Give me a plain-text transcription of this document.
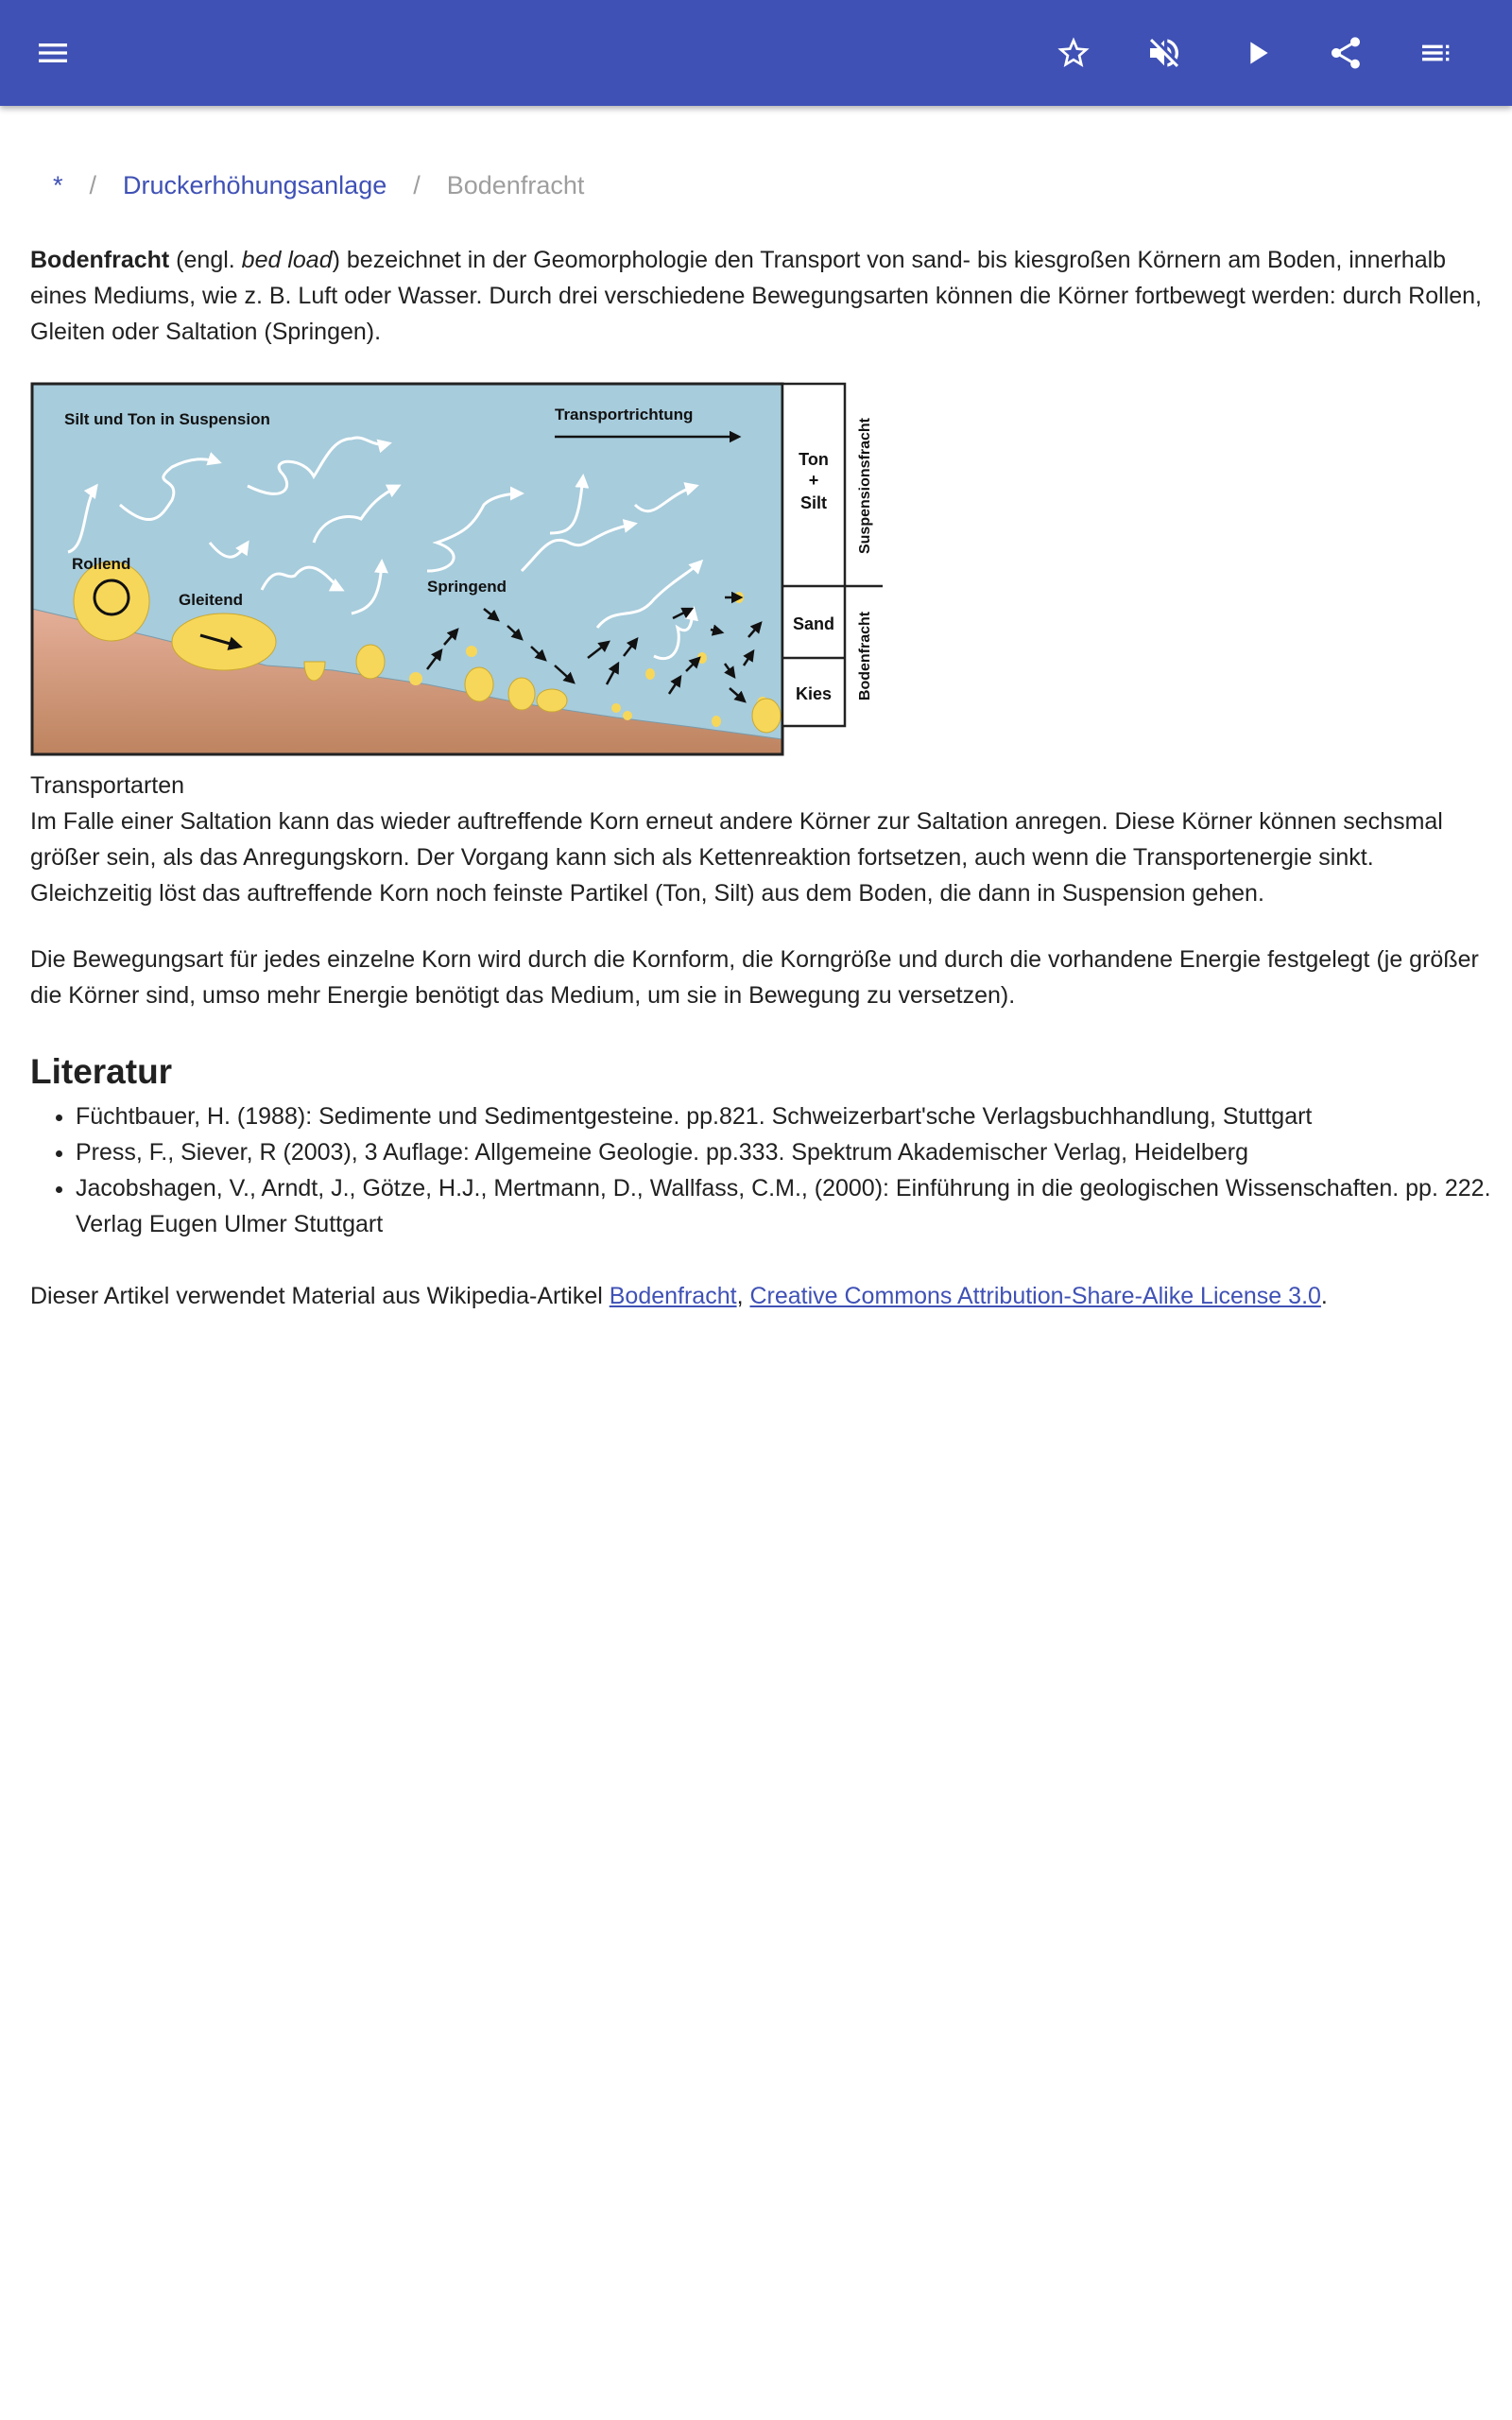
* / Druckerhöhungsanlage / Bodenfracht
Bodenfracht (engl. bed load) bezeichnet in der Geomorphologie den Transport von sand- bis kiesgroßen Körnern am Boden, innerhalb eines Mediums, wie z. B. Luft oder Wasser. Durch drei verschiedene Bewegungsarten können die Körner fortbewegt werden: durch Rollen, Gleiten oder Saltation (Springen).
Silt und Ton in Suspension	Transportrichtung
Rollend
Gleitend
Springend
Ton
+
Silt
Sand
Kies
Suspensionsfracht
Bodenfracht
Transportarten
Im Falle einer Saltation kann das wieder auftreffende Korn erneut andere Körner zur Saltation anregen. Diese Körner können sechsmal größer sein, als das Anregungskorn. Der Vorgang kann sich als Kettenreaktion fortsetzen, auch wenn die Transportenergie sinkt. Gleichzeitig löst das auftreffende Korn noch feinste Partikel (Ton, Silt) aus dem Boden, die dann in Suspension gehen.
Die Bewegungsart für jedes einzelne Korn wird durch die Kornform, die Korngröße und durch die vorhandene Energie festgelegt (je größer die Körner sind, umso mehr Energie benötigt das Medium, um sie in Bewegung zu versetzen).
Literatur
• Füchtbauer, H. (1988): Sedimente und Sedimentgesteine. pp.821. Schweizerbart'sche Verlagsbuchhandlung, Stuttgart
• Press, F., Siever, R (2003), 3 Auflage: Allgemeine Geologie. pp.333. Spektrum Akademischer Verlag, Heidelberg
• Jacobshagen, V., Arndt, J., Götze, H.J., Mertmann, D., Wallfass, C.M., (2000): Einführung in die geologischen Wissenschaften. pp. 222. Verlag Eugen Ulmer Stuttgart
Dieser Artikel verwendet Material aus Wikipedia-Artikel Bodenfracht, Creative Commons Attribution-Share-Alike License 3.0.
